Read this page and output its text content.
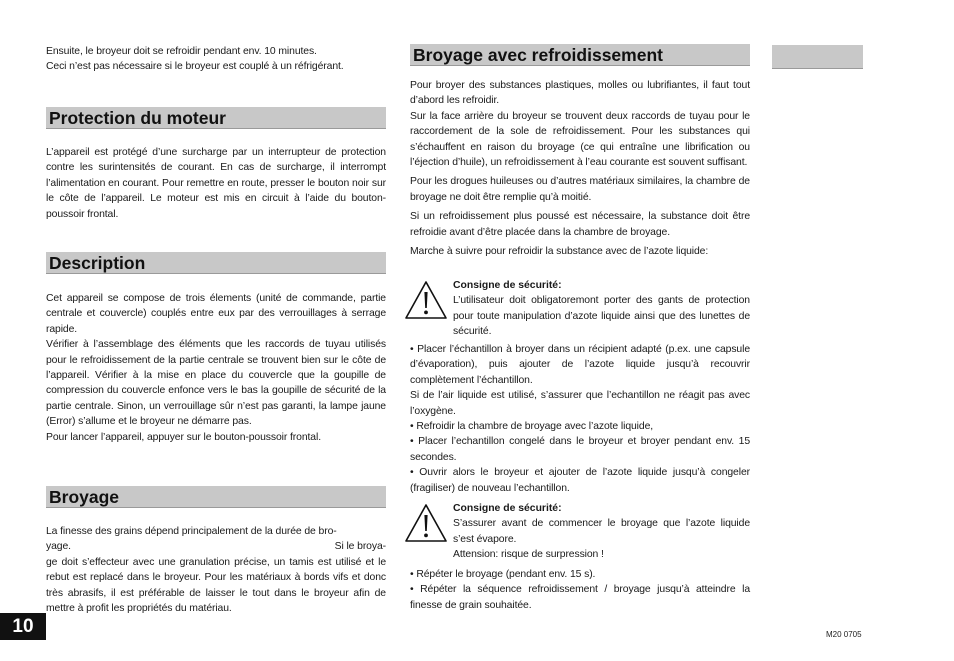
Ensuite, le broyeur doit se refroidir pendant env. 10 minutes.

Ceci n’est pas nécessaire si le broyeur est couplé à un réfrigérant.

Protection du moteur

L’appareil est protégé d’une surcharge par un interrupteur de protection contre les surintensités de courant. En cas de surcharge, il interrompt l’alimentation en courant. Pour remettre en route, presser le bouton noir sur le côte de l’appareil. Le moteur est mis en circuit à l’aide du bouton-poussoir frontal.

Description

Cet appareil se compose de trois élements (unité de commande, partie centrale et couvercle) couplés entre eux par des verrouillages à serrage rapide.

Vérifier à l’assemblage des éléments que les raccords de tuyau utilisés pour le refroidissement de la partie centrale se trouvent bien sur le côte de l’appareil. Vérifier à la mise en place du couvercle que la goupille de compression du couvercle enfonce vers le bas la goupille de sécurité de la partie centrale. Sinon, un verrouillage sûr n’est pas garanti, la lampe jaune (Error) s’allume et le broyeur ne démarre pas.

Pour lancer l’appareil, appuyer sur le bouton-poussoir frontal.

Broyage

La finesse des grains dépend principalement de la durée de bro-

yage.	Si le broya-

ge doit s’effecteur avec une granulation précise, un tamis est utilisé et le rebut est replacé dans le broyeur. Pour les matériaux à bords vifs et donc très abrasifs, il est préférable de laisser le tout dans le broyeur afin de mettre à profit les propriétés du matériau.

Broyage avec refroidissement

Pour broyer des substances plastiques, molles ou lubrifiantes, il faut tout d’abord les refroidir.

Sur la face arrière du broyeur se trouvent deux raccords de tuyau pour le raccordement de la sole de refroidissement. Pour les substances qui s’échauffent en raison du broyage (ce qui entraîne une librification ou l’éjection d’huile), un refroidissement à l’eau courante est souvent suffisant.

Pour les drogues huileuses ou d’autres matériaux similaires, la chambre de broyage ne doit être remplie qu’à moitié.

Si un refroidissement plus poussé est nécessaire, la substance doit être refroidie avant d’être placée dans la chambre de broyage.

Marche à suivre pour refroidir la substance avec de l’azote liquide:

Consigne de sécurité:

L’utilisateur doit obligatoremont porter des gants de protection pour toute manipulation d’azote liquide ainsi que des lunettes de sécurité.

• Placer l’échantillon à broyer dans un récipient adapté (p.ex. une capsule d’évaporation), puis ajouter de l’azote liquide jusqu’à recouvrir complètement l’échantillon.

Si de l’air liquide est utilisé, s’assurer que l’echantillon ne réagit pas avec l’oxygène.

• Refroidir la chambre de broyage avec l’azote liquide,

• Placer l’echantillon congelé dans le broyeur et broyer pendant env. 15 secondes.

• Ouvrir alors le broyeur et ajouter de l’azote liquide jusqu’à congeler (fragiliser) de nouveau l’echantillon.

Consigne de sécurité:

S’assurer avant de commencer le broyage que l’azote liquide s’est évapore.

Attension: risque de surpression !

• Répéter le broyage (pendant env. 15 s).

• Répéter la séquence refroidissement / broyage jusqu’à atteindre la finesse de grain souhaitée.

10	M20 0705
